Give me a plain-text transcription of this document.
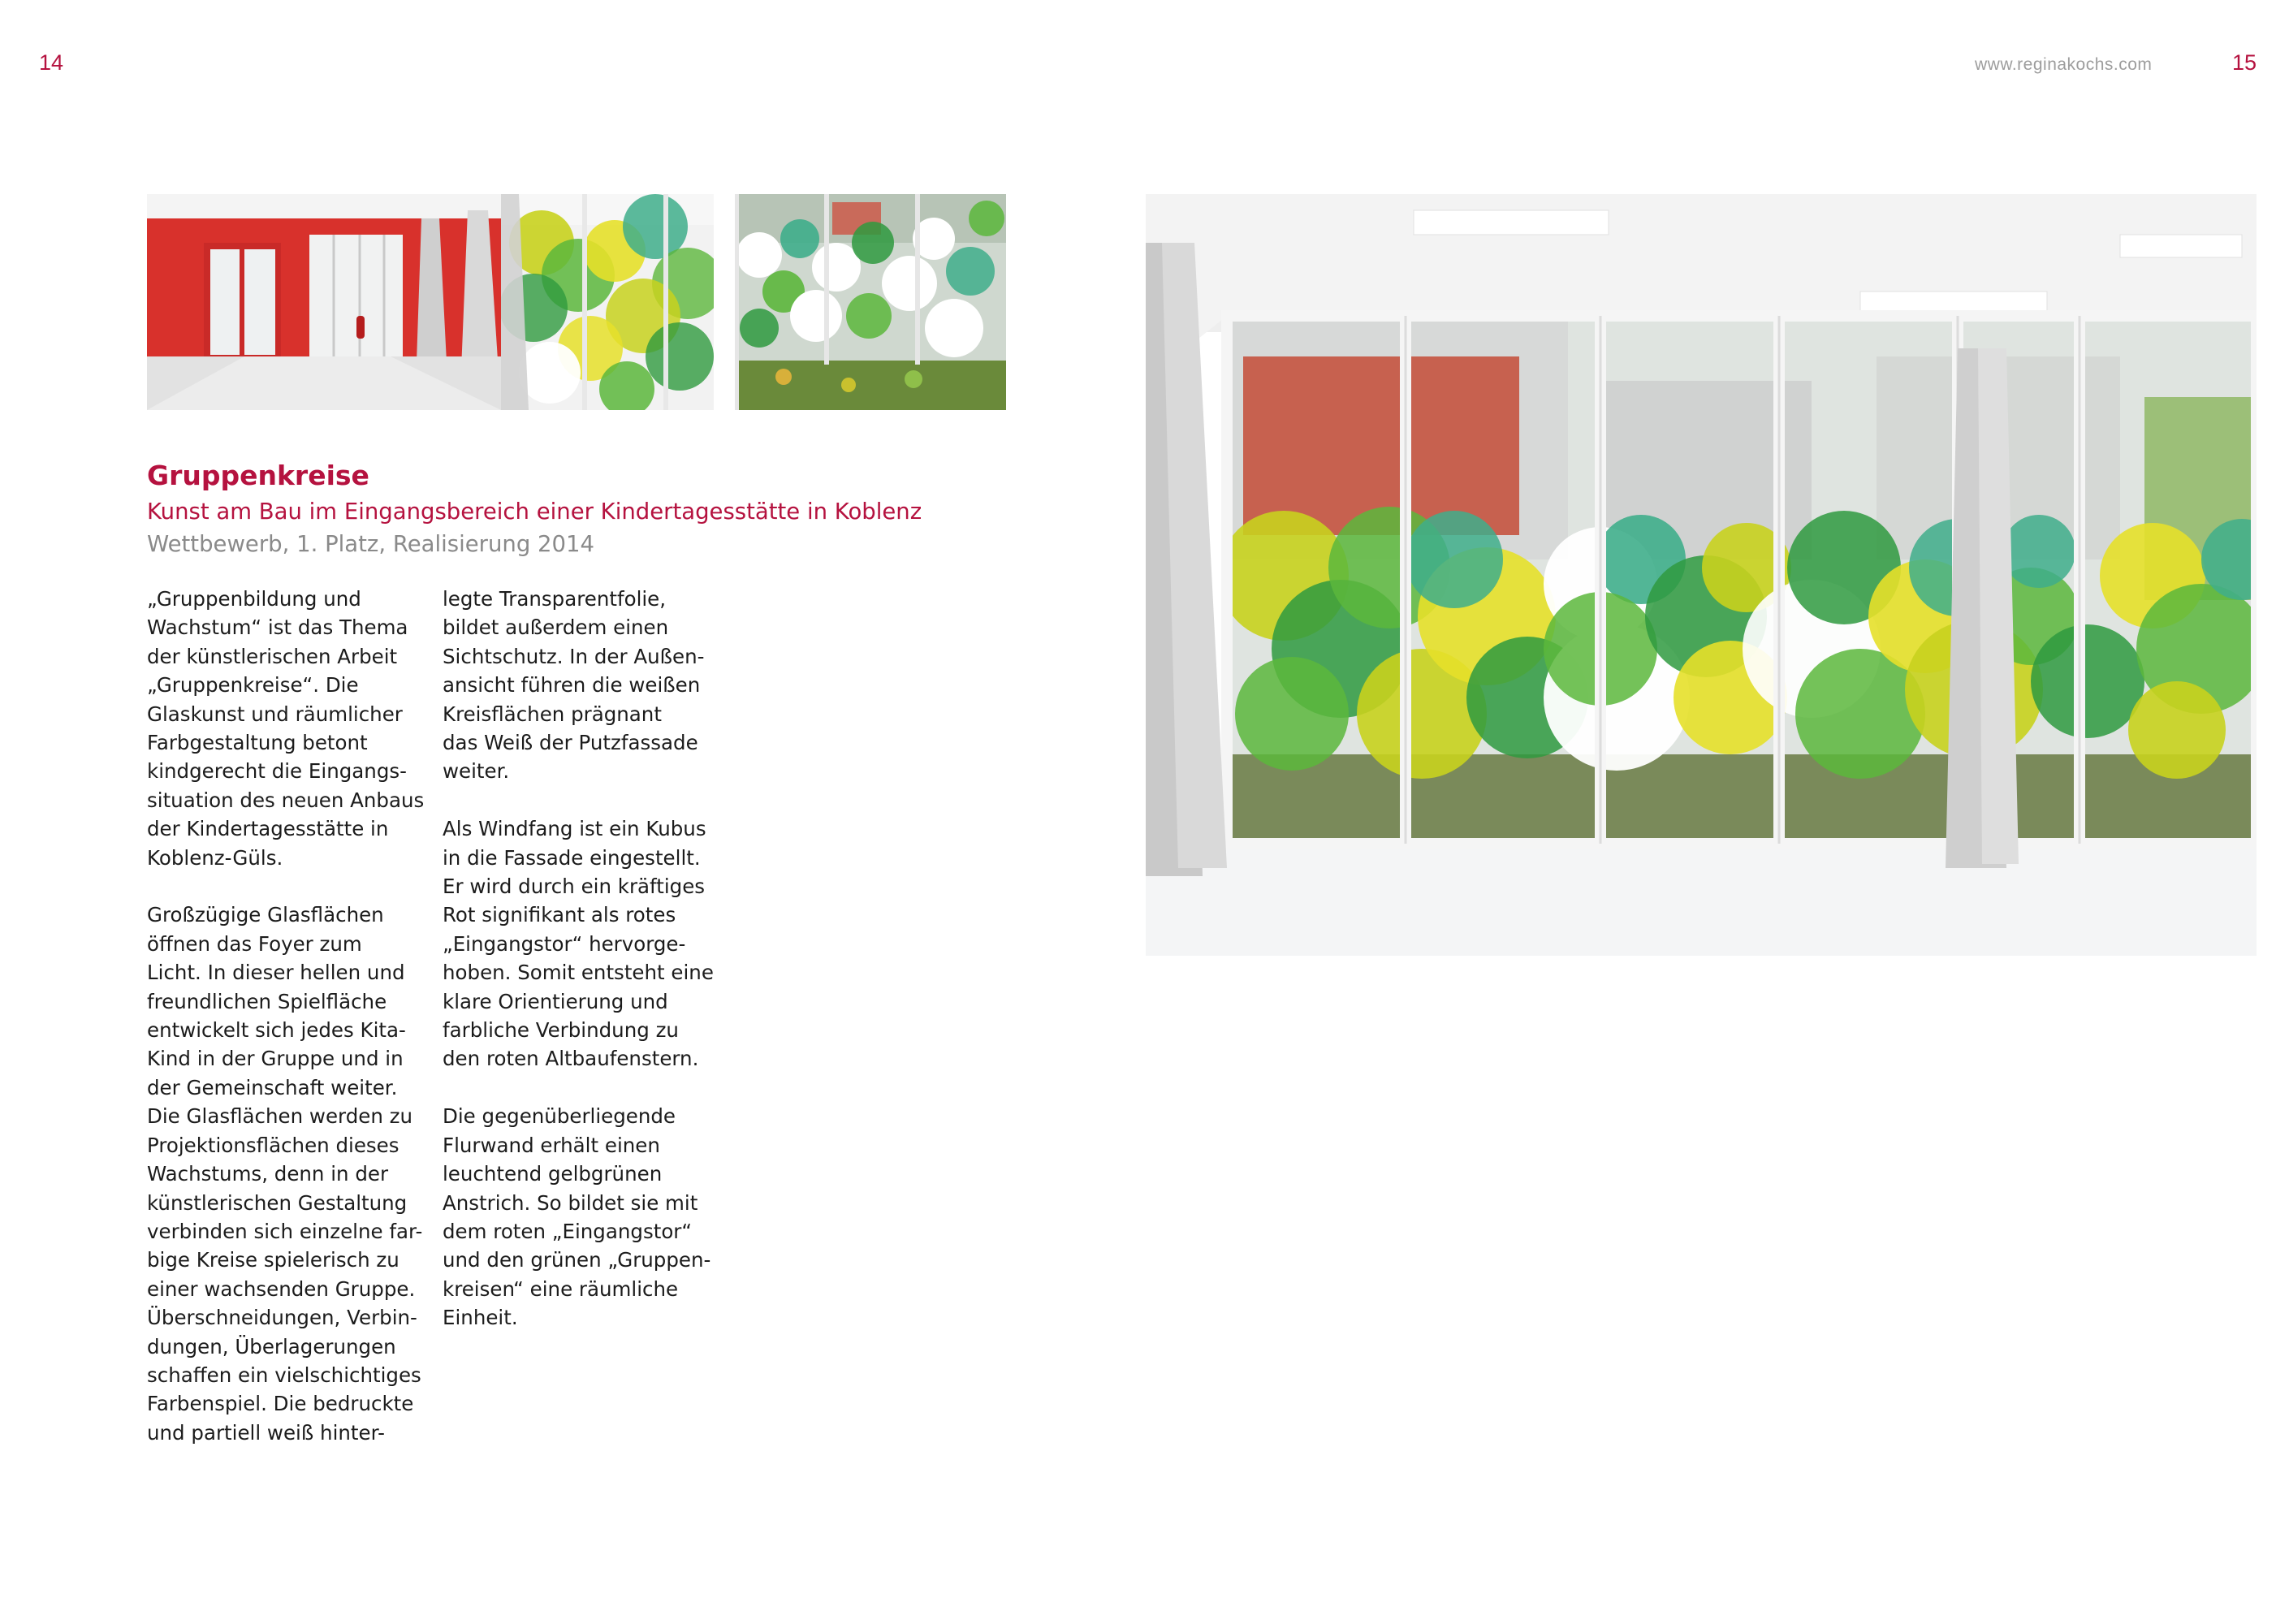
14	www.reginakochs.com	15
Gruppenkreise

Kunst am Bau im Eingangsbereich einer Kindertagesstätte in Koblenz

Wettbewerb, 1. Platz, Realisierung 2014

„Gruppenbildung und
Wachstum“ ist das Thema
der künstlerischen Arbeit
„Gruppenkreise“. Die
Glaskunst und räumlicher
Farbgestaltung betont
kindgerecht die Eingangs-
situation des neuen Anbaus
der Kindertagesstätte in
Koblenz-Güls.

Großzügige Glasflächen
öffnen das Foyer zum
Licht. In dieser hellen und
freundlichen Spielfläche
entwickelt sich jedes Kita-
Kind in der Gruppe und in
der Gemeinschaft weiter.
Die Glasflächen werden zu
Projektionsflächen dieses
Wachstums, denn in der
künstlerischen Gestaltung
verbinden sich einzelne far-
bige Kreise spielerisch zu
einer wachsenden Gruppe.
Überschneidungen, Verbin-
dungen, Überlagerungen
schaffen ein vielschichtiges
Farbenspiel. Die bedruckte
und partiell weiß hinter-

legte Transparentfolie,
bildet außerdem einen
Sichtschutz. In der Außen-
ansicht führen die weißen
Kreisflächen prägnant
das Weiß der Putzfassade
weiter.

Als Windfang ist ein Kubus
in die Fassade eingestellt.
Er wird durch ein kräftiges
Rot signifikant als rotes
„Eingangstor“ hervorge-
hoben. Somit entsteht eine
klare Orientierung und
farbliche Verbindung zu
den roten Altbaufenstern.

Die gegenüberliegende
Flurwand erhält einen
leuchtend gelbgrünen
Anstrich. So bildet sie mit
dem roten „Eingangstor“
und den grünen „Gruppen-
kreisen“ eine räumliche
Einheit.
